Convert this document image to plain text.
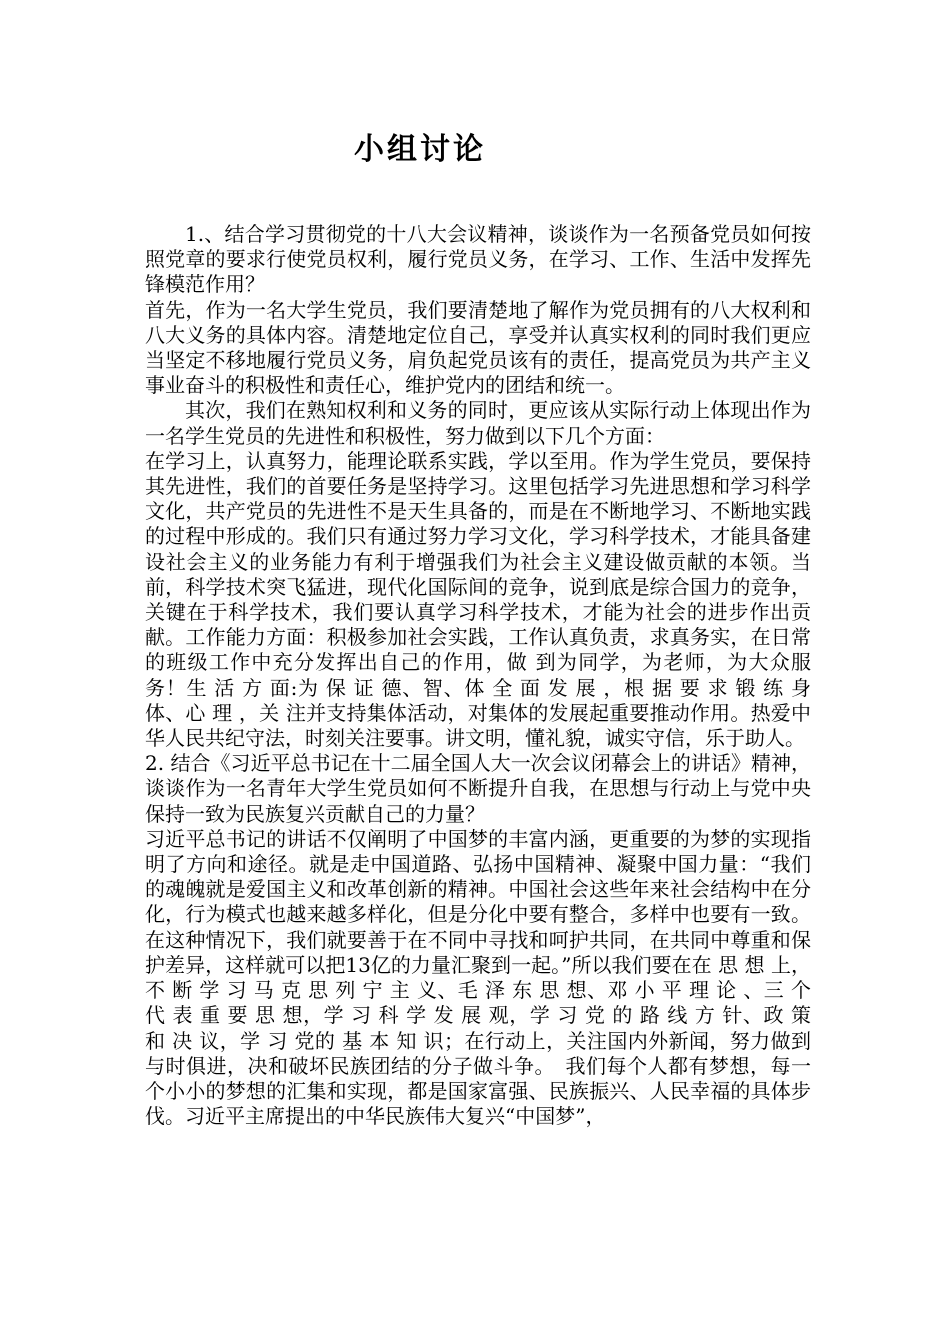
小组讨论

1.、结合学习贯彻党的十八大会议精神，谈谈作为一名预备党员如何按照党章的要求行使党员权利，履行党员义务，在学习、工作、生活中发挥先锋模范作用？

首先，作为一名大学生党员，我们要清楚地了解作为党员拥有的八大权利和八大义务的具体内容。清楚地定位自己，享受并认真实权利的同时我们更应当坚定不移地履行党员义务，肩负起党员该有的责任，提高党员为共产主义事业奋斗的积极性和责任心，维护党内的团结和统一。

其次，我们在熟知权利和义务的同时，更应该从实际行动上体现出作为一名学生党员的先进性和积极性，努力做到以下几个方面：

在学习上，认真努力，能理论联系实践，学以至用。作为学生党员，要保持其先进性，我们的首要任务是坚持学习。这里包括学习先进思想和学习科学文化，共产党员的先进性不是天生具备的，而是在不断地学习、不断地实践的过程中形成的。我们只有通过努力学习文化，学习科学技术，才能具备建设社会主义的业务能力有利于增强我们为社会主义建设做贡献的本领。当前，科学技术突飞猛进，现代化国际间的竞争，说到底是综合国力的竞争，关键在于科学技术，我们要认真学习科学技术，才能为社会的进步作出贡献。工作能力方面：积极参加社会实践，工作认真负责，求真务实，在日常的班级工作中充分发挥出自己的作用，做 到为同学，为老师，为大众服务！生 活 方 面:为 保 证 德、智、体 全 面 发 展 ，根 据 要 求 锻 练 身 体、心 理 ，关 注并支持集体活动，对集体的发展起重要推动作用。热爱中华人民共纪守法，时刻关注要事。讲文明，懂礼貌，诚实守信，乐于助人。

2. 结合《习近平总书记在十二届全国人大一次会议闭幕会上的讲话》精神，谈谈作为一名青年大学生党员如何不断提升自我，在思想与行动上与党中央保持一致为民族复兴贡献自己的力量？

习近平总书记的讲话不仅阐明了中国梦的丰富内涵，更重要的为梦的实现指明了方向和途径。就是走中国道路、弘扬中国精神、凝聚中国力量：“我们的魂魄就是爱国主义和改革创新的精神。中国社会这些年来社会结构中在分化，行为模式也越来越多样化，但是分化中要有整合，多样中也要有一致。在这种情况下，我们就要善于在不同中寻找和呵护共同，在共同中尊重和保护差异，这样就可以把13亿的力量汇聚到一起。”所以我们要在在 思 想 上，不 断 学 习 马 克 思 列 宁 主 义、毛 泽 东 思 想、邓 小 平 理 论 、三 个 代 表 重 要 思 想，学 习 科 学 发 展 观，学 习 党 的 路 线 方 针、政 策 和 决 议，学 习 党的 基 本 知 识；在行动上，关注国内外新闻，努力做到与时俱进，决和破坏民族团结的分子做斗争。　我们每个人都有梦想，每一个小小的梦想的汇集和实现，都是国家富强、民族振兴、人民幸福的具体步伐。习近平主席提出的中华民族伟大复兴“中国梦”，
